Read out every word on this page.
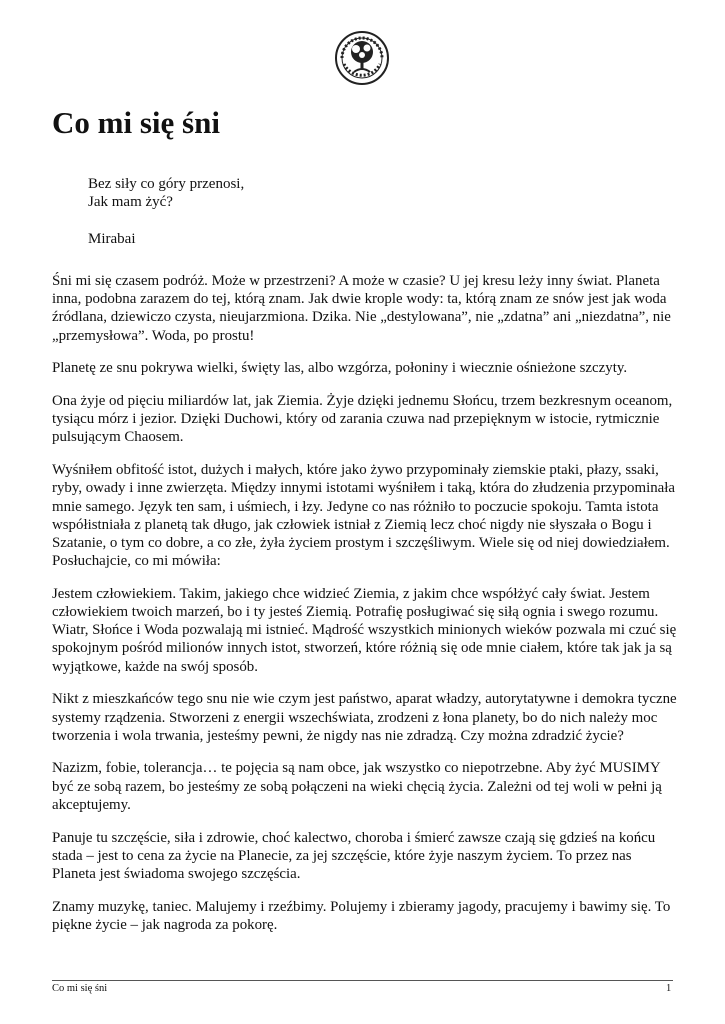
Co mi się śni
Bez siły co góry przenosi,
Jak mam żyć?
Mirabai

Śni mi się czasem podróż. Może w przestrzeni? A może w czasie? U jej kresu leży inny świat. Planeta inna, podobna zarazem do tej, którą znam. Jak dwie krople wody: ta, którą znam ze snów jest jak woda źródlana, dziewiczo czysta, nieujarzmiona. Dzika. Nie „destylowana”, nie „zdatna” ani „niezdatna”, nie „przemysłowa”. Woda, po prostu!

Planetę ze snu pokrywa wielki, święty las, albo wzgórza, połoniny i wiecznie ośnieżone szczyty.

Ona żyje od pięciu miliardów lat, jak Ziemia. Żyje dzięki jednemu Słońcu, trzem bezkresnym oceanom, tysiącu mórz i jezior. Dzięki Duchowi, który od zarania czuwa nad przepięknym w istocie, rytmicznie pulsującym Chaosem.

Wyśniłem obfitość istot, dużych i małych, które jako żywo przypominały ziemskie ptaki, płazy, ssaki, ryby, owady i inne zwierzęta. Między innymi istotami wyśniłem i taką, która do złudzenia przypominała mnie samego. Język ten sam, i uśmiech, i łzy. Jedyne co nas różniło to poczucie spokoju. Tamta istota współistniała z planetą tak długo, jak człowiek istniał z Ziemią lecz choć nigdy nie słyszała o Bogu i Szatanie, o tym co dobre, a co złe, żyła życiem prostym i szczęśliwym. Wiele się od niej dowiedziałem. Posłuchajcie, co mi mówiła:

Jestem człowiekiem. Takim, jakiego chce widzieć Ziemia, z jakim chce współżyć cały świat. Jestem człowiekiem twoich marzeń, bo i ty jesteś Ziemią. Potrafię posługiwać się siłą ognia i swego rozumu. Wiatr, Słońce i Woda pozwalają mi istnieć. Mądrość wszystkich minionych wieków pozwala mi czuć się spokojnym pośród milionów innych istot, stworzeń, które różnią się ode mnie ciałem, które tak jak ja są wyjątkowe, każde na swój sposób.

Nikt z mieszkańców tego snu nie wie czym jest państwo, aparat władzy, autorytatywne i demokra tyczne systemy rządzenia. Stworzeni z energii wszechświata, zrodzeni z łona planety, bo do nich należy moc tworzenia i wola trwania, jesteśmy pewni, że nigdy nas nie zdradzą. Czy można zdradzić życie?

Nazizm, fobie, tolerancja… te pojęcia są nam obce, jak wszystko co niepotrzebne. Aby żyć MUSIMY być ze sobą razem, bo jesteśmy ze sobą połączeni na wieki chęcią życia. Zależni od tej woli w pełni ją akceptujemy.

Panuje tu szczęście, siła i zdrowie, choć kalectwo, choroba i śmierć zawsze czają się gdzieś na końcu stada – jest to cena za życie na Planecie, za jej szczęście, które żyje naszym życiem. To przez nas Planeta jest świadoma swojego szczęścia.

Znamy muzykę, taniec. Malujemy i rzeźbimy. Polujemy i zbieramy jagody, pracujemy i bawimy się. To piękne życie – jak nagroda za pokorę.

Co mi się śni	1
